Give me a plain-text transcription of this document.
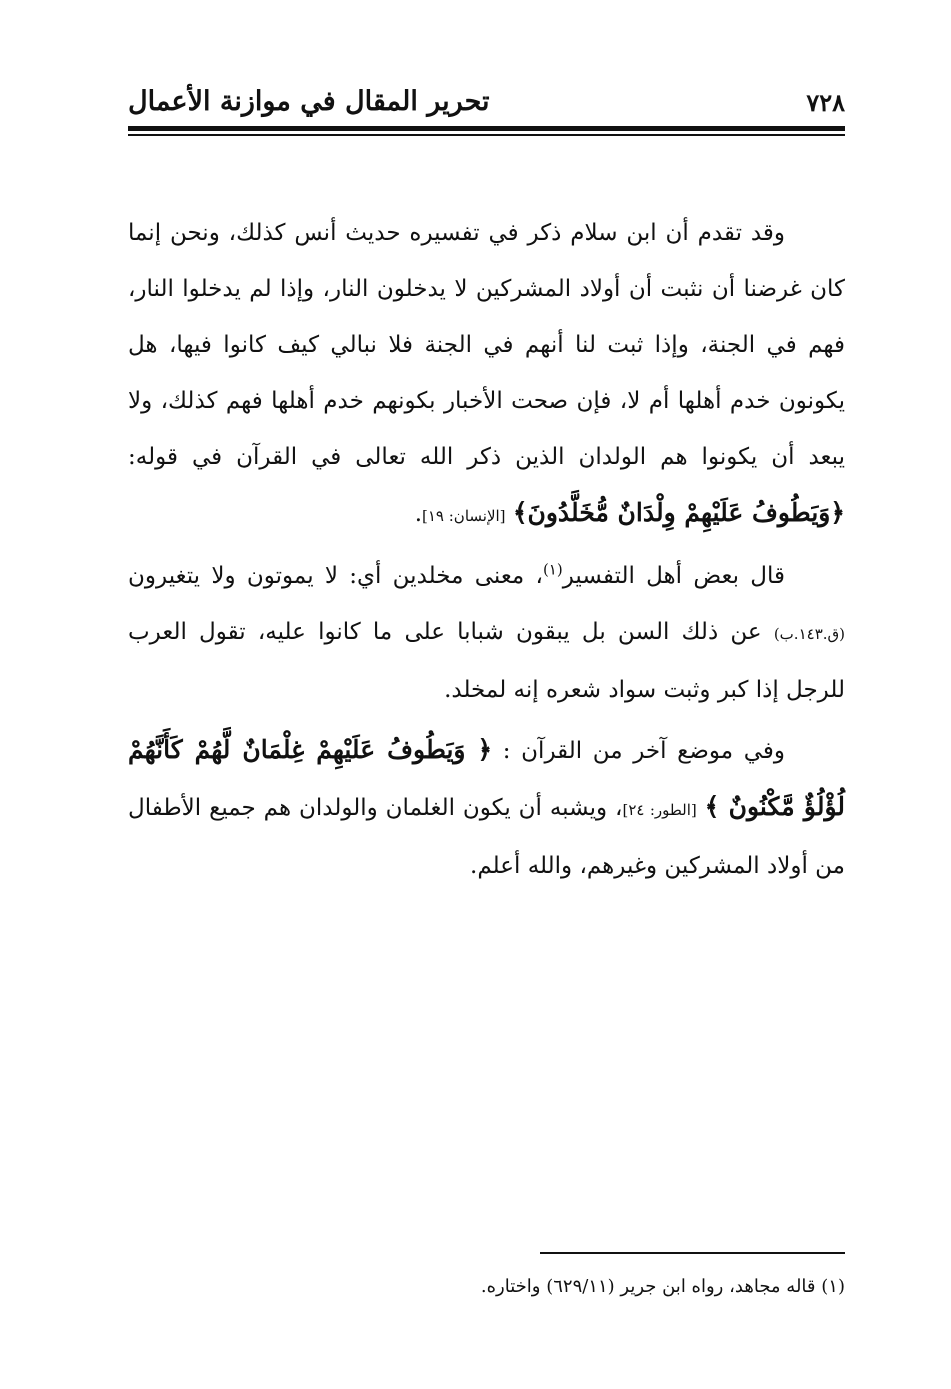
٧٢٨
تحرير المقال في موازنة الأعمال

وقد تقدم أن ابن سلام ذكر في تفسيره حديث أنس كذلك، ونحن إنما كان غرضنا أن نثبت أن أولاد المشركين لا يدخلون النار، وإذا لم يدخلوا النار، فهم في الجنة، وإذا ثبت لنا أنهم في الجنة فلا نبالي كيف كانوا فيها، هل يكونون خدم أهلها أم لا، فإن صحت الأخبار بكونهم خدم أهلها فهم كذلك، ولا يبعد أن يكونوا هم الولدان الذين ذكر الله تعالى في القرآن في قوله: ﴿وَيَطُوفُ عَلَيْهِمْ وِلْدَانٌ مُّخَلَّدُونَ﴾ [الإنسان: ١٩].

قال بعض أهل التفسير$^{(١)}$، معنى مخلدين أي: لا يموتون ولا يتغيرون (ق.١٤٣.ب) عن ذلك السن بل يبقون شبابا على ما كانوا عليه، تقول العرب للرجل إذا كبر وثبت سواد شعره إنه لمخلد.

وفي موضع آخر من القرآن : ﴿ وَيَطُوفُ عَلَيْهِمْ غِلْمَانٌ لَّهُمْ كَأَنَّهُمْ لُؤْلُؤٌ مَّكْنُونٌ ﴾ [الطور: ٢٤]، ويشبه أن يكون الغلمان والولدان هم جميع الأطفال من أولاد المشركين وغيرهم، والله أعلم.

(١) قاله مجاهد، رواه ابن جرير (٦٢٩/١١) واختاره.
